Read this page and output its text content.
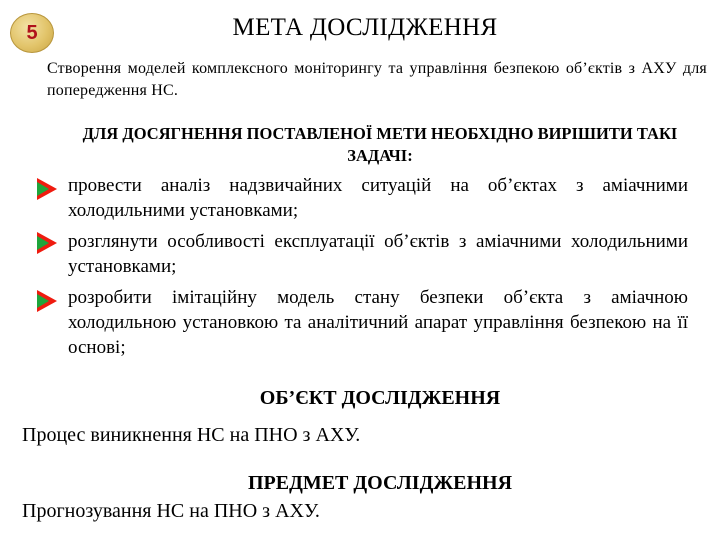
5	МЕТА ДОСЛІДЖЕННЯ
Створення моделей комплексного моніторингу та управління безпекою об’єктів з АХУ для попередження НС.
ДЛЯ ДОСЯГНЕННЯ ПОСТАВЛЕНОЇ МЕТИ НЕОБХІДНО ВИРІШИТИ ТАКІ ЗАДАЧІ:
провести аналіз надзвичайних ситуацій на об’єктах з аміачними холодильними установками;
розглянути особливості експлуатації об’єктів з аміачними холодильними установками;
розробити імітаційну модель стану безпеки об’єкта з аміачною холодильною установкою та аналітичний апарат управління безпекою на її основі;
ОБ’ЄКТ ДОСЛІДЖЕННЯ
Процес виникнення НС на ПНО з АХУ.
ПРЕДМЕТ ДОСЛІДЖЕННЯ
Прогнозування НС на ПНО з АХУ.
